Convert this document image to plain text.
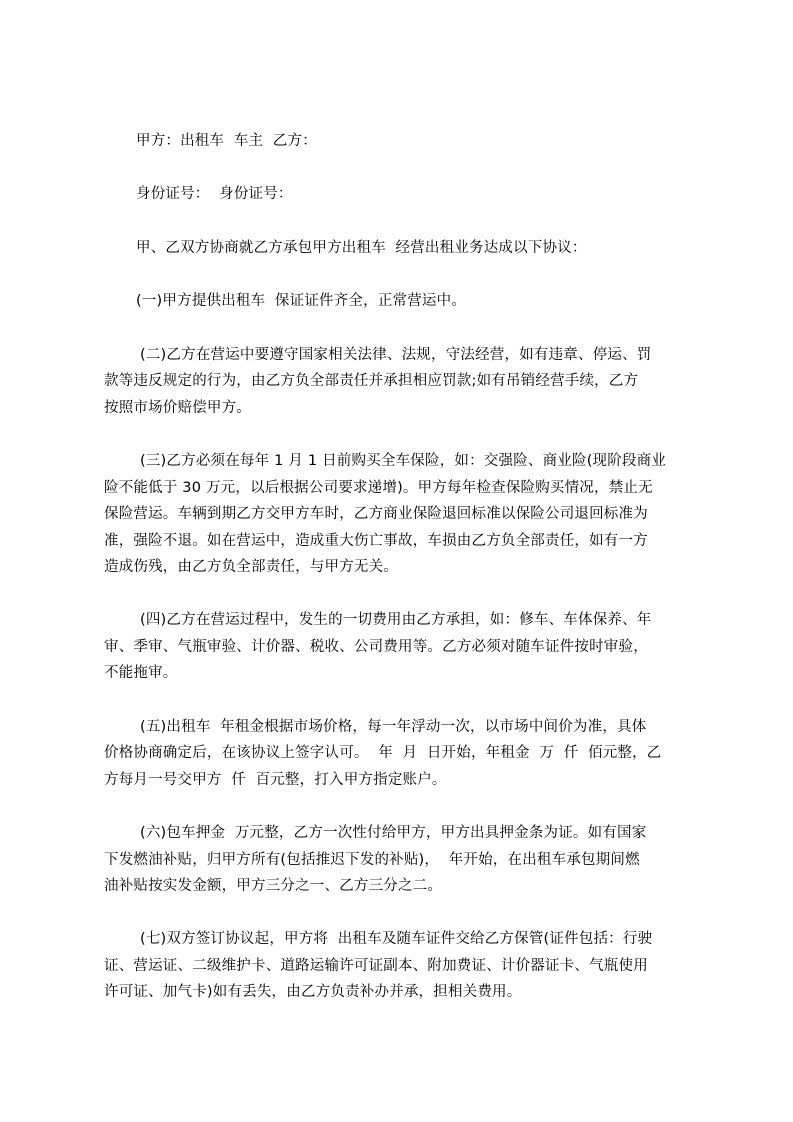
甲方：出租车  车主  乙方：
身份证号：  身份证号：
甲、乙双方协商就乙方承包甲方出租车  经营出租业务达成以下协议：
(一)甲方提供出租车  保证证件齐全，正常营运中。
(二)乙方在营运中要遵守国家相关法律、法规，守法经营，如有违章、停运、罚
款等违反规定的行为，由乙方负全部责任并承担相应罚款;如有吊销经营手续，乙方
按照市场价赔偿甲方。
(三)乙方必须在每年 1 月 1 日前购买全车保险，如：交强险、商业险(现阶段商业
险不能低于 30 万元，以后根据公司要求递增)。甲方每年检查保险购买情况，禁止无
保险营运。车辆到期乙方交甲方车时，乙方商业保险退回标准以保险公司退回标准为
准，强险不退。如在营运中，造成重大伤亡事故，车损由乙方负全部责任，如有一方
造成伤残，由乙方负全部责任，与甲方无关。
(四)乙方在营运过程中，发生的一切费用由乙方承担，如：修车、车体保养、年
审、季审、气瓶审验、计价器、税收、公司费用等。乙方必须对随车证件按时审验，
不能拖审。
(五)出租车  年租金根据市场价格，每一年浮动一次，以市场中间价为准，具体
价格协商确定后，在该协议上签字认可。  年  月  日开始，年租金  万  仟  佰元整，乙
方每月一号交甲方  仟  百元整，打入甲方指定账户。
(六)包车押金  万元整，乙方一次性付给甲方，甲方出具押金条为证。如有国家
下发燃油补贴，归甲方所有(包括推迟下发的补贴)，  年开始，在出租车承包期间燃
油补贴按实发金额，甲方三分之一、乙方三分之二。
(七)双方签订协议起，甲方将  出租车及随车证件交给乙方保管(证件包括：行驶
证、营运证、二级维护卡、道路运输许可证副本、附加费证、计价器证卡、气瓶使用
许可证、加气卡)如有丢失，由乙方负责补办并承，担相关费用。
